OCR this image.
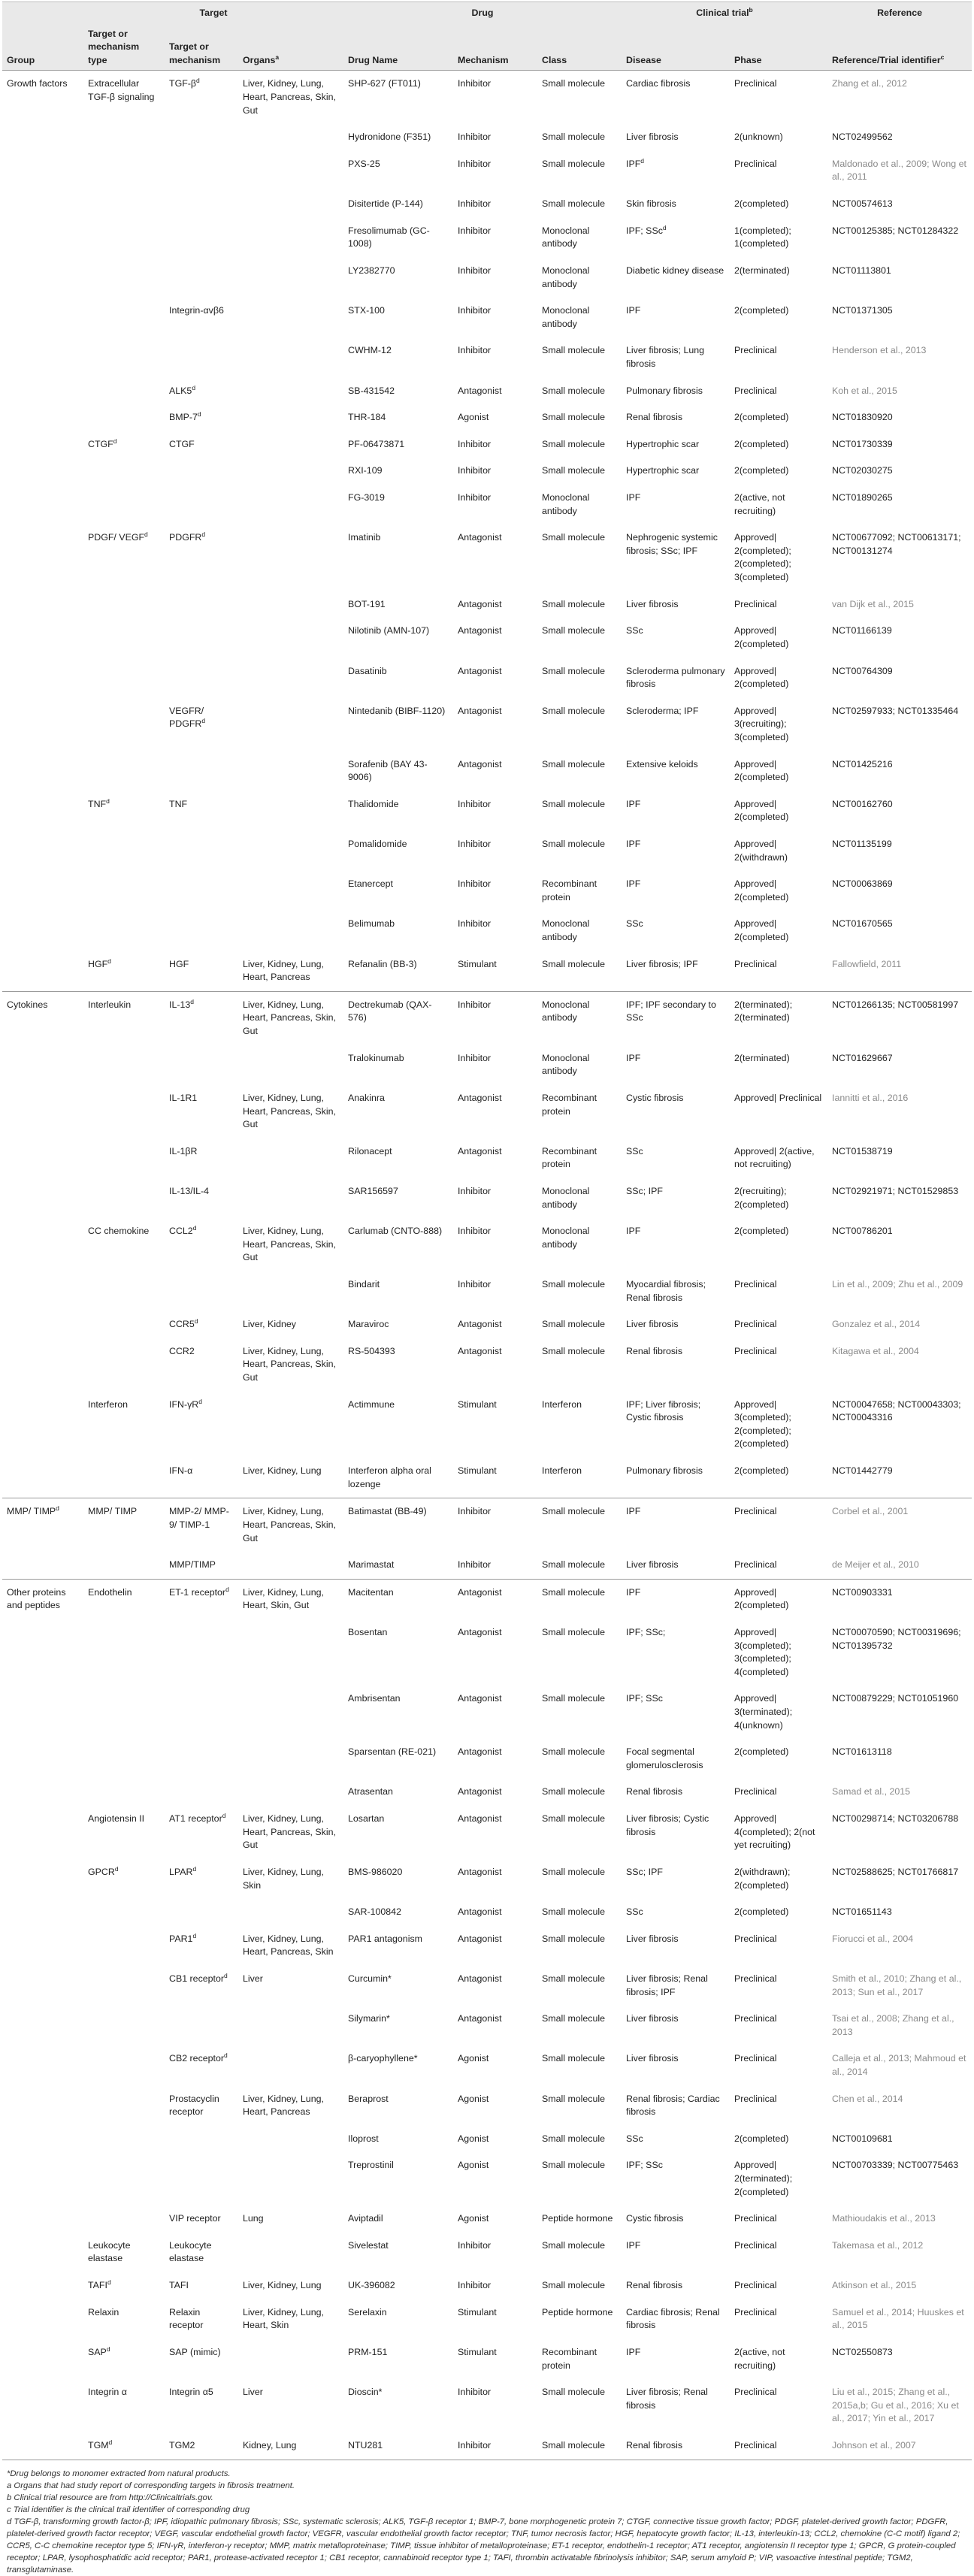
Group	Target			Drug			Clinical trial$^b$		Reference
	Target or mechanism type	Target or mechanism	Organs$^a$	Drug Name	Mechanism	Class	Disease	Phase	Reference/Trial identifier$^c$
Growth factors	Extracellular TGF-β signaling	TGF-$\beta^d$	Liver, Kidney, Lung, Heart, Pancreas, Skin, Gut	SHP-627 (FT011)	Inhibitor	Small molecule	Cardiac fibrosis	Preclinical	Zhang et al., 2012
				Hydronidone (F351)	Inhibitor	Small molecule	Liver fibrosis	2(unknown)	NCT02499562
				PXS-25	Inhibitor	Small molecule	IPF$^d$	Preclinical	Maldonado et al., 2009; Wong et al., 2011
				Disitertide (P-144)	Inhibitor	Small molecule	Skin fibrosis	2(completed)	NCT00574613
				Fresolimumab (GC-1008)	Inhibitor	Monoclonal antibody	IPF; SSc$^d$	1(completed); 1(completed)	NCT00125385; NCT01284322
				LY2382770	Inhibitor	Monoclonal antibody	Diabetic kidney disease	2(terminated)	NCT01113801
		Integrin-αvβ6		STX-100	Inhibitor	Monoclonal antibody	IPF	2(completed)	NCT01371305
				CWHM-12	Inhibitor	Small molecule	Liver fibrosis; Lung fibrosis	Preclinical	Henderson et al., 2013
		ALK5$^d$		SB-431542	Antagonist	Small molecule	Pulmonary fibrosis	Preclinical	Koh et al., 2015
		BMP-7$^d$		THR-184	Agonist	Small molecule	Renal fibrosis	2(completed)	NCT01830920
	CTGF$^d$	CTGF		PF-06473871	Inhibitor	Small molecule	Hypertrophic scar	2(completed)	NCT01730339
				RXI-109	Inhibitor	Small molecule	Hypertrophic scar	2(completed)	NCT02030275
				FG-3019	Inhibitor	Monoclonal antibody	IPF	2(active, not recruiting)	NCT01890265
	PDGF/ VEGF$^d$	PDGFR$^d$		Imatinib	Antagonist	Small molecule	Nephrogenic systemic fibrosis; SSc; IPF	Approved| 2(completed); 2(completed); 3(completed)	NCT00677092; NCT00613171; NCT00131274
				BOT-191	Antagonist	Small molecule	Liver fibrosis	Preclinical	van Dijk et al., 2015
				Nilotinib (AMN-107)	Antagonist	Small molecule	SSc	Approved| 2(completed)	NCT01166139
				Dasatinib	Antagonist	Small molecule	Scleroderma pulmonary fibrosis	Approved| 2(completed)	NCT00764309
		VEGFR/ PDGFR$^d$		Nintedanib (BIBF-1120)	Antagonist	Small molecule	Scleroderma; IPF	Approved| 3(recruiting); 3(completed)	NCT02597933; NCT01335464
				Sorafenib (BAY 43-9006)	Antagonist	Small molecule	Extensive keloids	Approved| 2(completed)	NCT01425216
	TNF$^d$	TNF		Thalidomide	Inhibitor	Small molecule	IPF	Approved| 2(completed)	NCT00162760
				Pomalidomide	Inhibitor	Small molecule	IPF	Approved| 2(withdrawn)	NCT01135199
				Etanercept	Inhibitor	Recombinant protein	IPF	Approved| 2(completed)	NCT00063869
				Belimumab	Inhibitor	Monoclonal antibody	SSc	Approved| 2(completed)	NCT01670565
	HGF$^d$	HGF	Liver, Kidney, Lung, Heart, Pancreas	Refanalin (BB-3)	Stimulant	Small molecule	Liver fibrosis; IPF	Preclinical	Fallowfield, 2011
Cytokines	Interleukin	IL-13$^d$	Liver, Kidney, Lung, Heart, Pancreas, Skin, Gut	Dectrekumab (QAX-576)	Inhibitor	Monoclonal antibody	IPF; IPF secondary to SSc	2(terminated); 2(terminated)	NCT01266135; NCT00581997
				Tralokinumab	Inhibitor	Monoclonal antibody	IPF	2(terminated)	NCT01629667
		IL-1R1	Liver, Kidney, Lung, Heart, Pancreas, Skin, Gut	Anakinra	Antagonist	Recombinant protein	Cystic fibrosis	Approved| Preclinical	Iannitti et al., 2016
		IL-1βR		Rilonacept	Antagonist	Recombinant protein	SSc	Approved| 2(active, not recruiting)	NCT01538719
		IL-13/IL-4		SAR156597	Inhibitor	Monoclonal antibody	SSc; IPF	2(recruiting); 2(completed)	NCT02921971; NCT01529853
	CC chemokine	CCL2$^d$	Liver, Kidney, Lung, Heart, Pancreas, Skin, Gut	Carlumab (CNTO-888)	Inhibitor	Monoclonal antibody	IPF	2(completed)	NCT00786201
				Bindarit	Inhibitor	Small molecule	Myocardial fibrosis; Renal fibrosis	Preclinical	Lin et al., 2009; Zhu et al., 2009
		CCR5$^d$	Liver, Kidney	Maraviroc	Antagonist	Small molecule	Liver fibrosis	Preclinical	Gonzalez et al., 2014
		CCR2	Liver, Kidney, Lung, Heart, Pancreas, Skin, Gut	RS-504393	Antagonist	Small molecule	Renal fibrosis	Preclinical	Kitagawa et al., 2004
	Interferon	IFN-$\gamma R^d$		Actimmune	Stimulant	Interferon	IPF; Liver fibrosis; Cystic fibrosis	Approved| 3(completed); 2(completed); 2(completed)	NCT00047658; NCT00043303; NCT00043316
		IFN-α	Liver, Kidney, Lung	Interferon alpha oral lozenge	Stimulant	Interferon	Pulmonary fibrosis	2(completed)	NCT01442779
MMP/ TIMP$^d$	MMP/ TIMP	MMP-2/ MMP-9/ TIMP-1	Liver, Kidney, Lung, Heart, Pancreas, Skin, Gut	Batimastat (BB-49)	Inhibitor	Small molecule	IPF	Preclinical	Corbel et al., 2001
		MMP/TIMP		Marimastat	Inhibitor	Small molecule	Liver fibrosis	Preclinical	de Meijer et al., 2010
Other proteins and peptides	Endothelin	ET-1 receptor$^d$	Liver, Kidney, Lung, Heart, Skin, Gut	Macitentan	Antagonist	Small molecule	IPF	Approved| 2(completed)	NCT00903331
				Bosentan	Antagonist	Small molecule	IPF; SSc;	Approved| 3(completed); 3(completed); 4(completed)	NCT00070590; NCT00319696; NCT01395732
				Ambrisentan	Antagonist	Small molecule	IPF; SSc	Approved| 3(terminated); 4(unknown)	NCT00879229; NCT01051960
				Sparsentan (RE-021)	Antagonist	Small molecule	Focal segmental glomerulosclerosis	2(completed)	NCT01613118
				Atrasentan	Antagonist	Small molecule	Renal fibrosis	Preclinical	Samad et al., 2015
	Angiotensin II	AT1 receptor$^d$	Liver, Kidney, Lung, Heart, Pancreas, Skin, Gut	Losartan	Antagonist	Small molecule	Liver fibrosis; Cystic fibrosis	Approved| 4(completed); 2(not yet recruiting)	NCT00298714; NCT03206788
	GPCR$^d$	LPAR$^d$	Liver, Kidney, Lung, Skin	BMS-986020	Antagonist	Small molecule	SSc; IPF	2(withdrawn); 2(completed)	NCT02588625; NCT01766817
				SAR-100842	Antagonist	Small molecule	SSc	2(completed)	NCT01651143
		PAR1$^d$	Liver, Kidney, Lung, Heart, Pancreas, Skin	PAR1 antagonism	Antagonist	Small molecule	Liver fibrosis	Preclinical	Fiorucci et al., 2004
		CB1 receptor$^d$	Liver	Curcumin*	Antagonist	Small molecule	Liver fibrosis; Renal fibrosis; IPF	Preclinical	Smith et al., 2010; Zhang et al., 2013; Sun et al., 2017
				Silymarin*	Antagonist	Small molecule	Liver fibrosis	Preclinical	Tsai et al., 2008; Zhang et al., 2013
		CB2 receptor$^d$		β-caryophyllene*	Agonist	Small molecule	Liver fibrosis	Preclinical	Calleja et al., 2013; Mahmoud et al., 2014
		Prostacyclin receptor	Liver, Kidney, Lung, Heart, Pancreas	Beraprost	Agonist	Small molecule	Renal fibrosis; Cardiac fibrosis	Preclinical	Chen et al., 2014
				Iloprost	Agonist	Small molecule	SSc	2(completed)	NCT00109681
				Treprostinil	Agonist	Small molecule	IPF; SSc	Approved| 2(terminated); 2(completed)	NCT00703339; NCT00775463
		VIP receptor	Lung	Aviptadil	Agonist	Peptide hormone	Cystic fibrosis	Preclinical	Mathioudakis et al., 2013
	Leukocyte elastase	Leukocyte elastase		Sivelestat	Inhibitor	Small molecule	IPF	Preclinical	Takemasa et al., 2012
	TAFI$^d$	TAFI	Liver, Kidney, Lung	UK-396082	Inhibitor	Small molecule	Renal fibrosis	Preclinical	Atkinson et al., 2015
	Relaxin	Relaxin receptor	Liver, Kidney, Lung, Heart, Skin	Serelaxin	Stimulant	Peptide hormone	Cardiac fibrosis; Renal fibrosis	Preclinical	Samuel et al., 2014; Huuskes et al., 2015
	SAP$^d$	SAP (mimic)		PRM-151	Stimulant	Recombinant protein	IPF	2(active, not recruiting)	NCT02550873
	Integrin α	Integrin α5	Liver	Dioscin*	Inhibitor	Small molecule	Liver fibrosis; Renal fibrosis	Preclinical	Liu et al., 2015; Zhang et al., 2015a,b; Gu et al., 2016; Xu et al., 2017; Yin et al., 2017
	TGM$^d$	TGM2	Kidney, Lung	NTU281	Inhibitor	Small molecule	Renal fibrosis	Preclinical	Johnson et al., 2007
*Drug belongs to monomer extracted from natural products.
a Organs that had study report of corresponding targets in fibrosis treatment.
b Clinical trial resource are from http://Clinicaltrials.gov.
c Trial identifier is the clinical trail identifier of corresponding drug
d TGF-β, transforming growth factor-β; IPF, idiopathic pulmonary fibrosis; SSc, systematic sclerosis; ALK5, TGF-β receptor 1; BMP-7, bone morphogenetic protein 7; CTGF, connective tissue growth factor; PDGF, platelet-derived growth factor; PDGFR, platelet-derived growth factor receptor; VEGF, vascular endothelial growth factor; VEGFR, vascular endothelial growth factor receptor; TNF, tumor necrosis factor; HGF, hepatocyte growth factor; IL-13, interleukin-13; CCL2, chemokine (C-C motif) ligand 2; CCR5, C-C chemokine receptor type 5; IFN-γR, interferon-γ receptor; MMP, matrix metalloproteinase; TIMP, tissue inhibitor of metalloproteinase; ET-1 receptor, endothelin-1 receptor; AT1 receptor, angiotensin II receptor type 1; GPCR, G protein-coupled receptor; LPAR, lysophosphatidic acid receptor; PAR1, protease-activated receptor 1; CB1 receptor, cannabinoid receptor type 1; TAFI, thrombin activatable fibrinolysis inhibitor; SAP, serum amyloid P; VIP, vasoactive intestinal peptide; TGM2, transglutaminase.
